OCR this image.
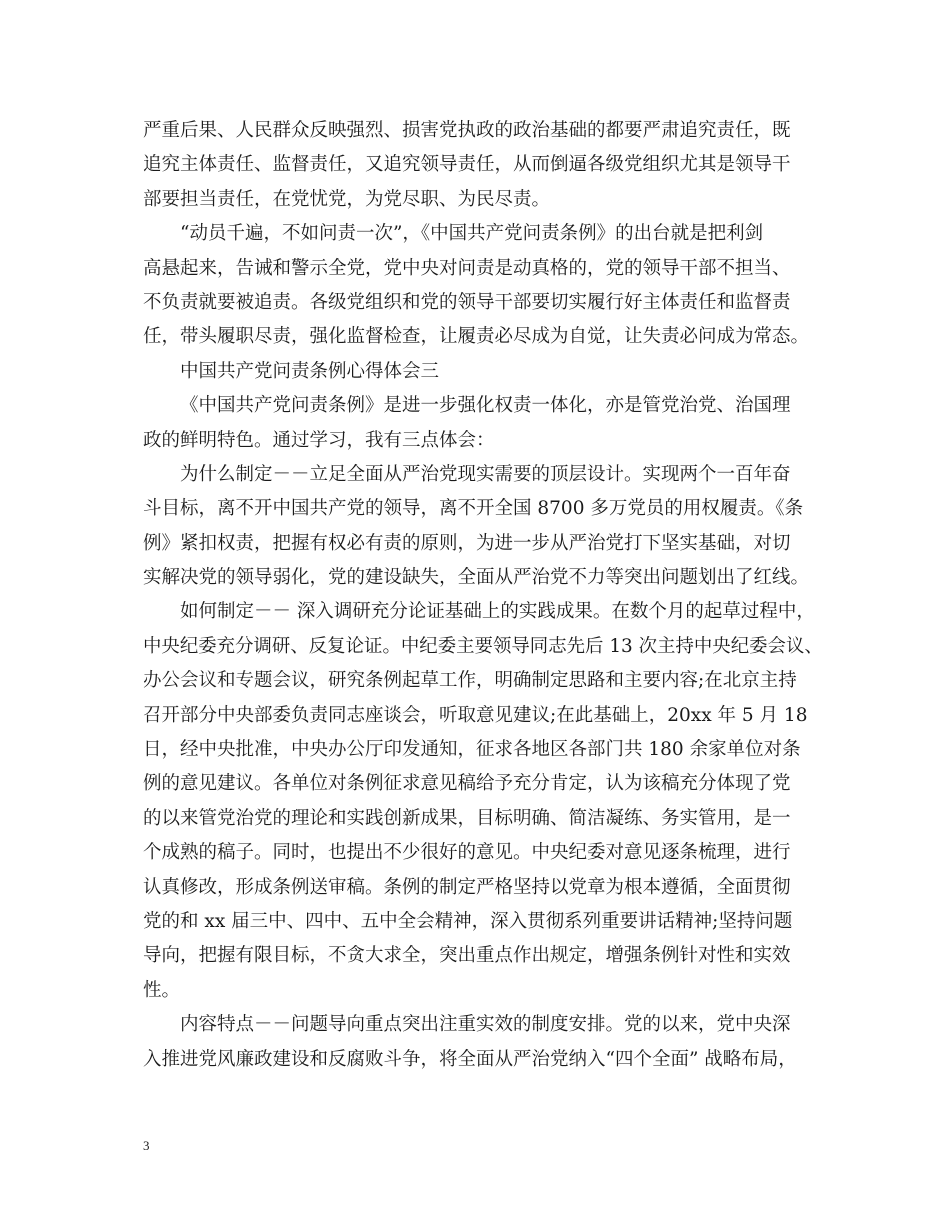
严重后果、人民群众反映强烈、损害党执政的政治基础的都要严肃追究责任，既
追究主体责任、监督责任，又追究领导责任，从而倒逼各级党组织尤其是领导干
部要担当责任，在党忧党，为党尽职、为民尽责。
“动员千遍，不如问责一次”，《中国共产党问责条例》的出台就是把利剑
高悬起来，告诫和警示全党，党中央对问责是动真格的，党的领导干部不担当、
不负责就要被追责。各级党组织和党的领导干部要切实履行好主体责任和监督责
任，带头履职尽责，强化监督检查，让履责必尽成为自觉，让失责必问成为常态。
中国共产党问责条例心得体会三
《中国共产党问责条例》是进一步强化权责一体化，亦是管党治党、治国理
政的鲜明特色。通过学习，我有三点体会：
为什么制定－－立足全面从严治党现实需要的顶层设计。实现两个一百年奋
斗目标，离不开中国共产党的领导，离不开全国 8700 多万党员的用权履责。《条
例》紧扣权责，把握有权必有责的原则，为进一步从严治党打下坚实基础，对切
实解决党的领导弱化，党的建设缺失，全面从严治党不力等突出问题划出了红线。
如何制定－－ 深入调研充分论证基础上的实践成果。在数个月的起草过程中，
中央纪委充分调研、反复论证。中纪委主要领导同志先后 13 次主持中央纪委会议、
办公会议和专题会议，研究条例起草工作，明确制定思路和主要内容;在北京主持
召开部分中央部委负责同志座谈会，听取意见建议;在此基础上，20xx 年 5 月 18
日，经中央批准，中央办公厅印发通知，征求各地区各部门共 180 余家单位对条
例的意见建议。各单位对条例征求意见稿给予充分肯定，认为该稿充分体现了党
的以来管党治党的理论和实践创新成果，目标明确、简洁凝练、务实管用，是一
个成熟的稿子。同时，也提出不少很好的意见。中央纪委对意见逐条梳理，进行
认真修改，形成条例送审稿。条例的制定严格坚持以党章为根本遵循，全面贯彻
党的和 xx 届三中、四中、五中全会精神，深入贯彻系列重要讲话精神;坚持问题
导向，把握有限目标，不贪大求全，突出重点作出规定，增强条例针对性和实效
性。
内容特点－－问题导向重点突出注重实效的制度安排。党的以来，党中央深
入推进党风廉政建设和反腐败斗争，将全面从严治党纳入“四个全面” 战略布局，
3
